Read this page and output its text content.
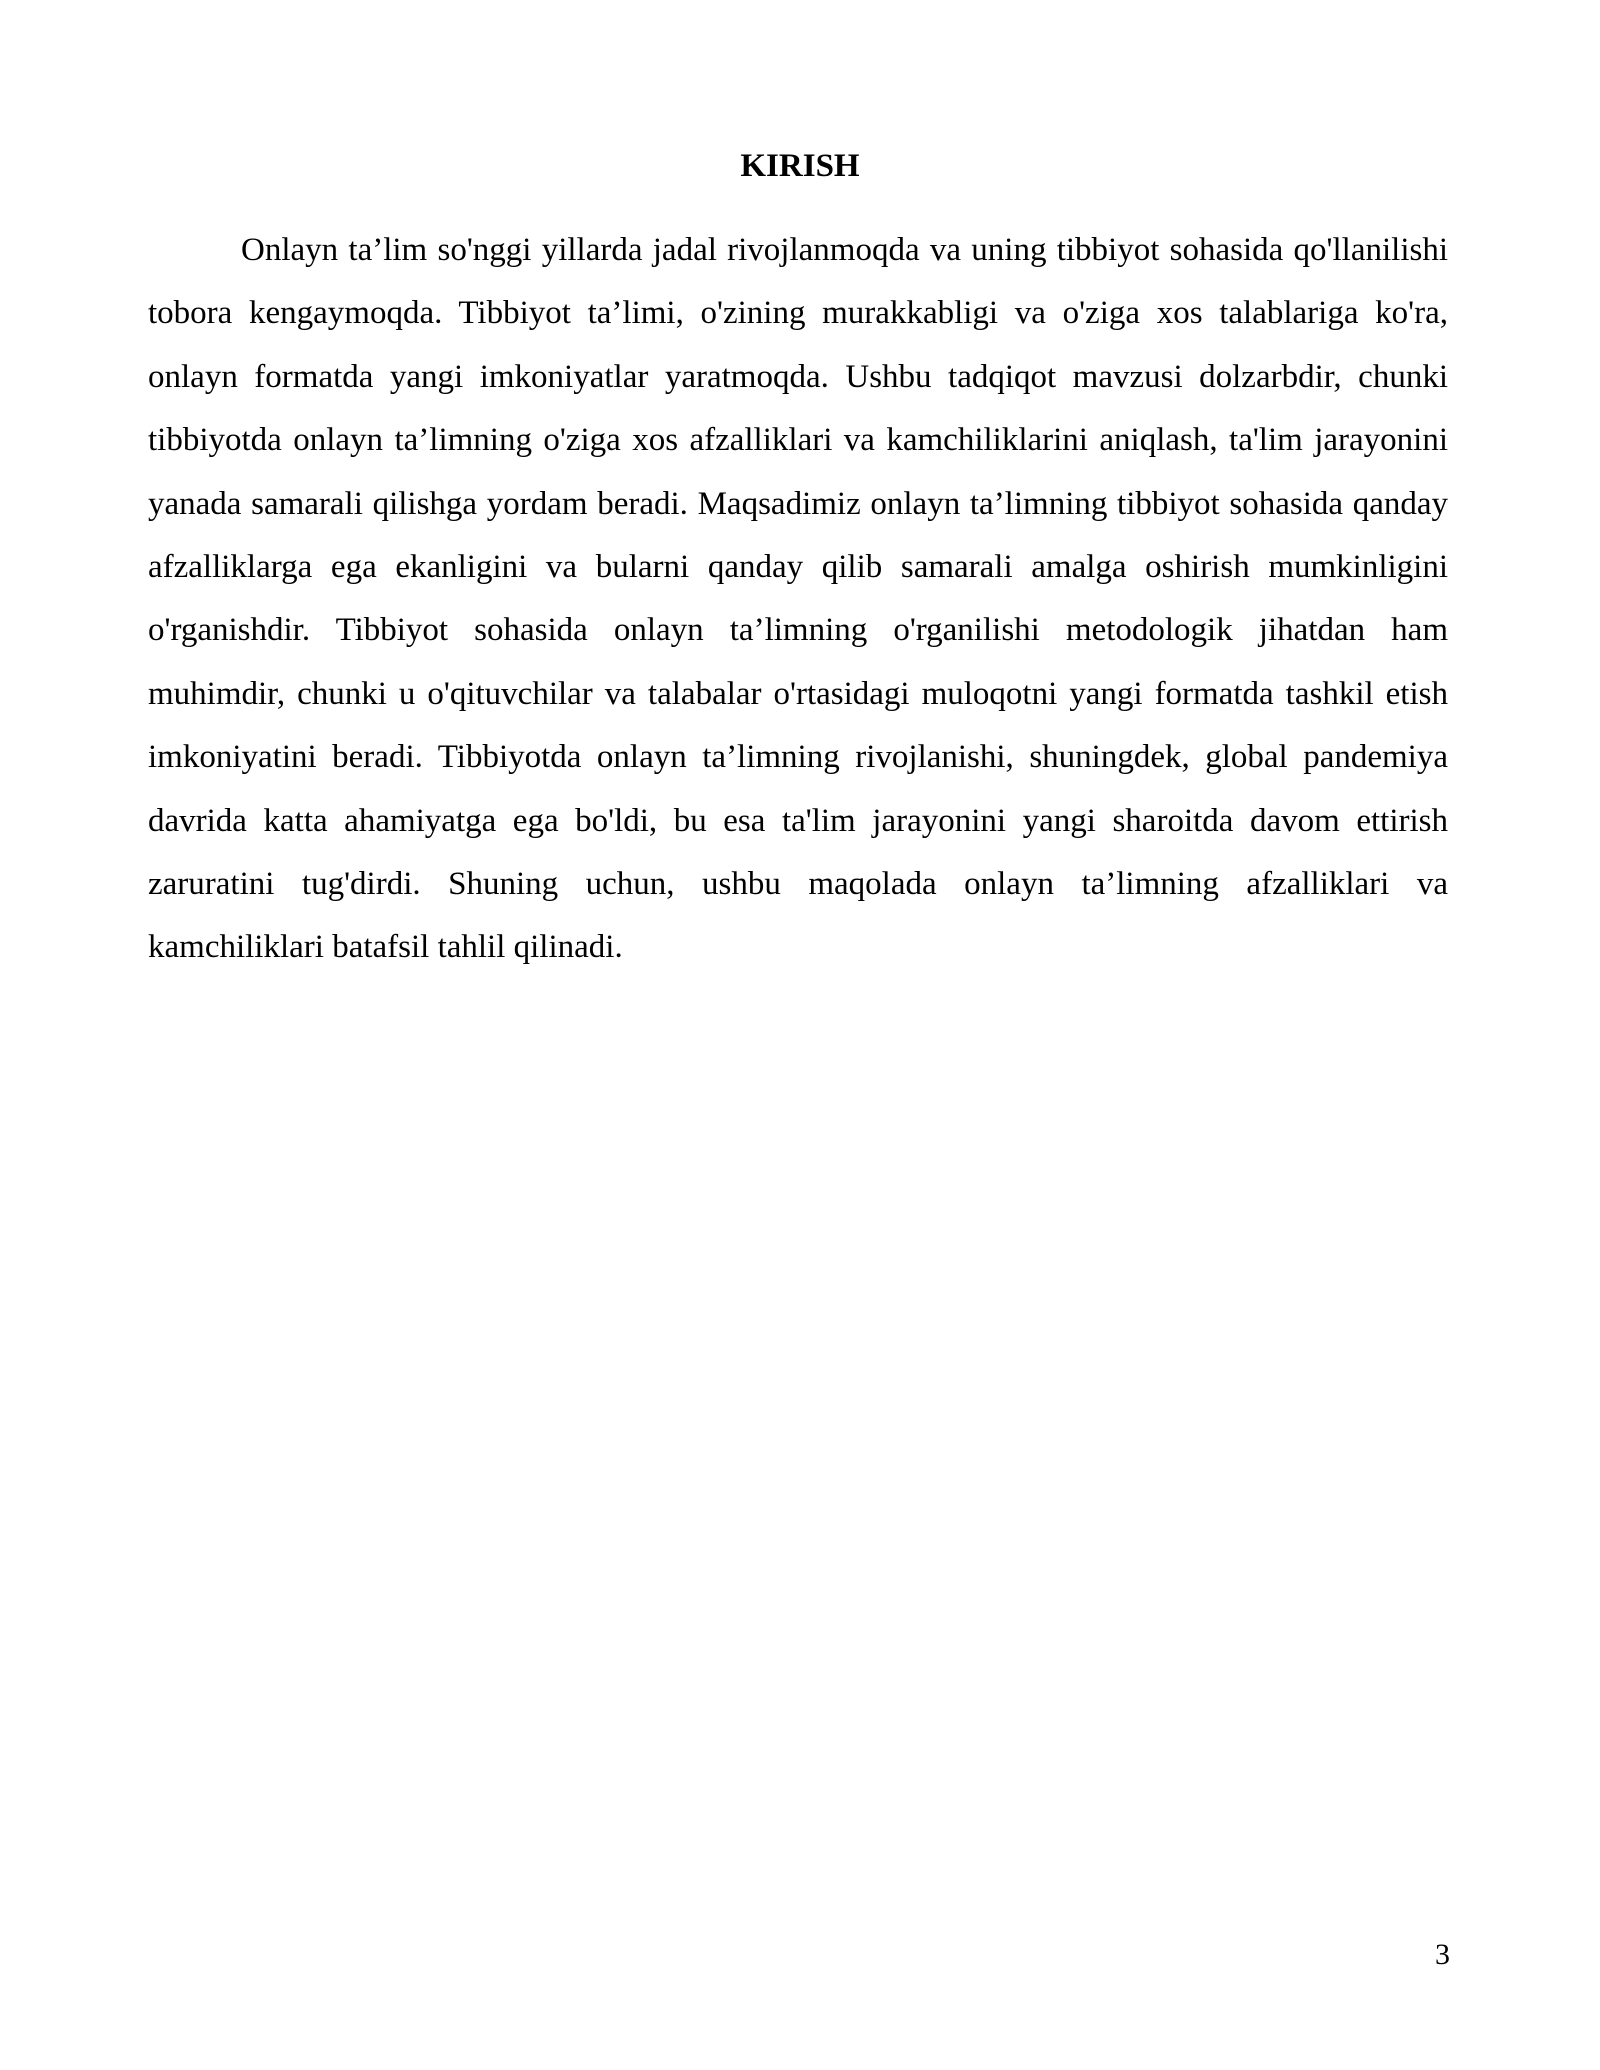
KIRISH

Onlayn ta’lim so'nggi yillarda jadal rivojlanmoqda va uning tibbiyot sohasida qo'llanilishi tobora kengaymoqda. Tibbiyot ta’limi, o'zining murakkabligi va o'ziga xos talablariga ko'ra, onlayn formatda yangi imkoniyatlar yaratmoqda. Ushbu tadqiqot mavzusi dolzarbdir, chunki tibbiyotda onlayn ta’limning o'ziga xos afzalliklari va kamchiliklarini aniqlash, ta'lim jarayonini yanada samarali qilishga yordam beradi. Maqsadimiz onlayn ta’limning tibbiyot sohasida qanday afzalliklarga ega ekanligini va bularni qanday qilib samarali amalga oshirish mumkinligini o'rganishdir. Tibbiyot sohasida onlayn ta’limning o'rganilishi metodologik jihatdan ham muhimdir, chunki u o'qituvchilar va talabalar o'rtasidagi muloqotni yangi formatda tashkil etish imkoniyatini beradi. Tibbiyotda onlayn ta’limning rivojlanishi, shuningdek, global pandemiya davrida katta ahamiyatga ega bo'ldi, bu esa ta'lim jarayonini yangi sharoitda davom ettirish zaruratini tug'dirdi. Shuning uchun, ushbu maqolada onlayn ta’limning afzalliklari va kamchiliklari batafsil tahlil qilinadi.

3
